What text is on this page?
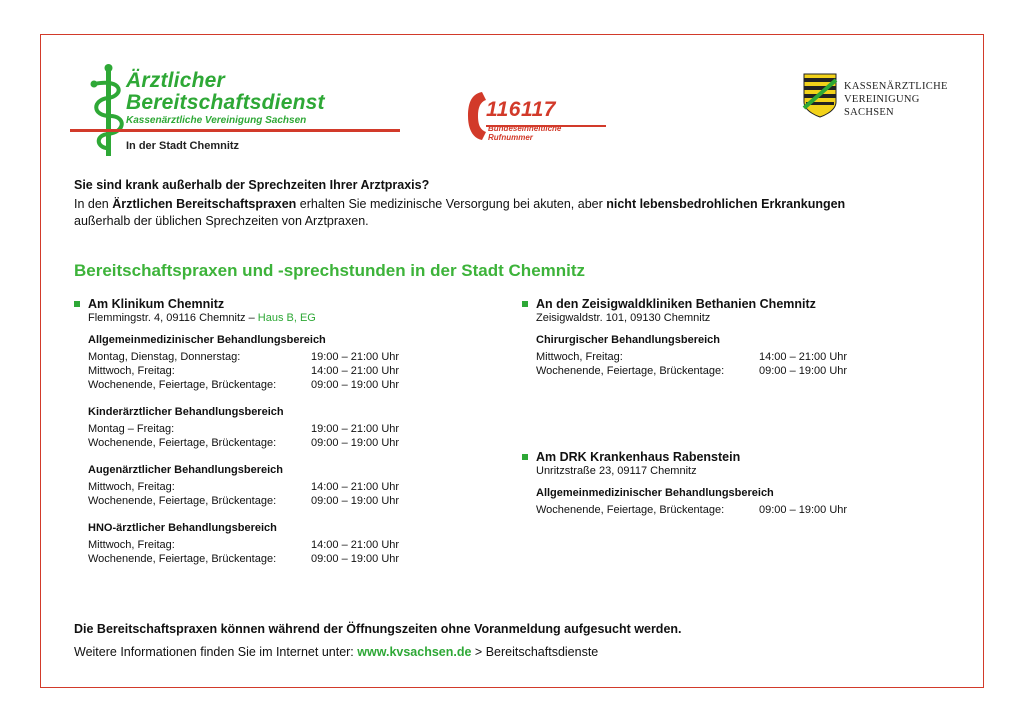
Ärztlicher
Bereitschaftsdienst
Kassenärztliche Vereinigung Sachsen
In der Stadt Chemnitz
116117
Bundeseinheitliche
Rufnummer
KASSENÄRZTLICHE
VEREINIGUNG
SACHSEN
Sie sind krank außerhalb der Sprechzeiten Ihrer Arztpraxis?
In den Ärztlichen Bereitschaftspraxen erhalten Sie medizinische Versorgung bei akuten, aber nicht lebensbedrohlichen Erkrankungen
außerhalb der üblichen Sprechzeiten von Arztpraxen.
Bereitschaftspraxen und -sprechstunden in der Stadt Chemnitz
Am Klinikum Chemnitz
Flemmingstr. 4, 09116 Chemnitz – Haus B, EG
Allgemeinmedizinischer Behandlungsbereich
Montag, Dienstag, Donnerstag:	19:00 – 21:00 Uhr
Mittwoch, Freitag:	14:00 – 21:00 Uhr
Wochenende, Feiertage, Brückentage:	09:00 – 19:00 Uhr
Kinderärztlicher Behandlungsbereich
Montag – Freitag:	19:00 – 21:00 Uhr
Wochenende, Feiertage, Brückentage:	09:00 – 19:00 Uhr
Augenärztlicher Behandlungsbereich
Mittwoch, Freitag:	14:00 – 21:00 Uhr
Wochenende, Feiertage, Brückentage:	09:00 – 19:00 Uhr
HNO-ärztlicher Behandlungsbereich
Mittwoch, Freitag:	14:00 – 21:00 Uhr
Wochenende, Feiertage, Brückentage:	09:00 – 19:00 Uhr
An den Zeisigwaldkliniken Bethanien Chemnitz
Zeisigwaldstr. 101, 09130 Chemnitz
Chirurgischer Behandlungsbereich
Mittwoch, Freitag:	14:00 – 21:00 Uhr
Wochenende, Feiertage, Brückentage:	09:00 – 19:00 Uhr
Am DRK Krankenhaus Rabenstein
Unritzstraße 23, 09117 Chemnitz
Allgemeinmedizinischer Behandlungsbereich
Wochenende, Feiertage, Brückentage:	09:00 – 19:00 Uhr
Die Bereitschaftspraxen können während der Öffnungszeiten ohne Voranmeldung aufgesucht werden.
Weitere Informationen finden Sie im Internet unter: www.kvsachsen.de > Bereitschaftsdienste
